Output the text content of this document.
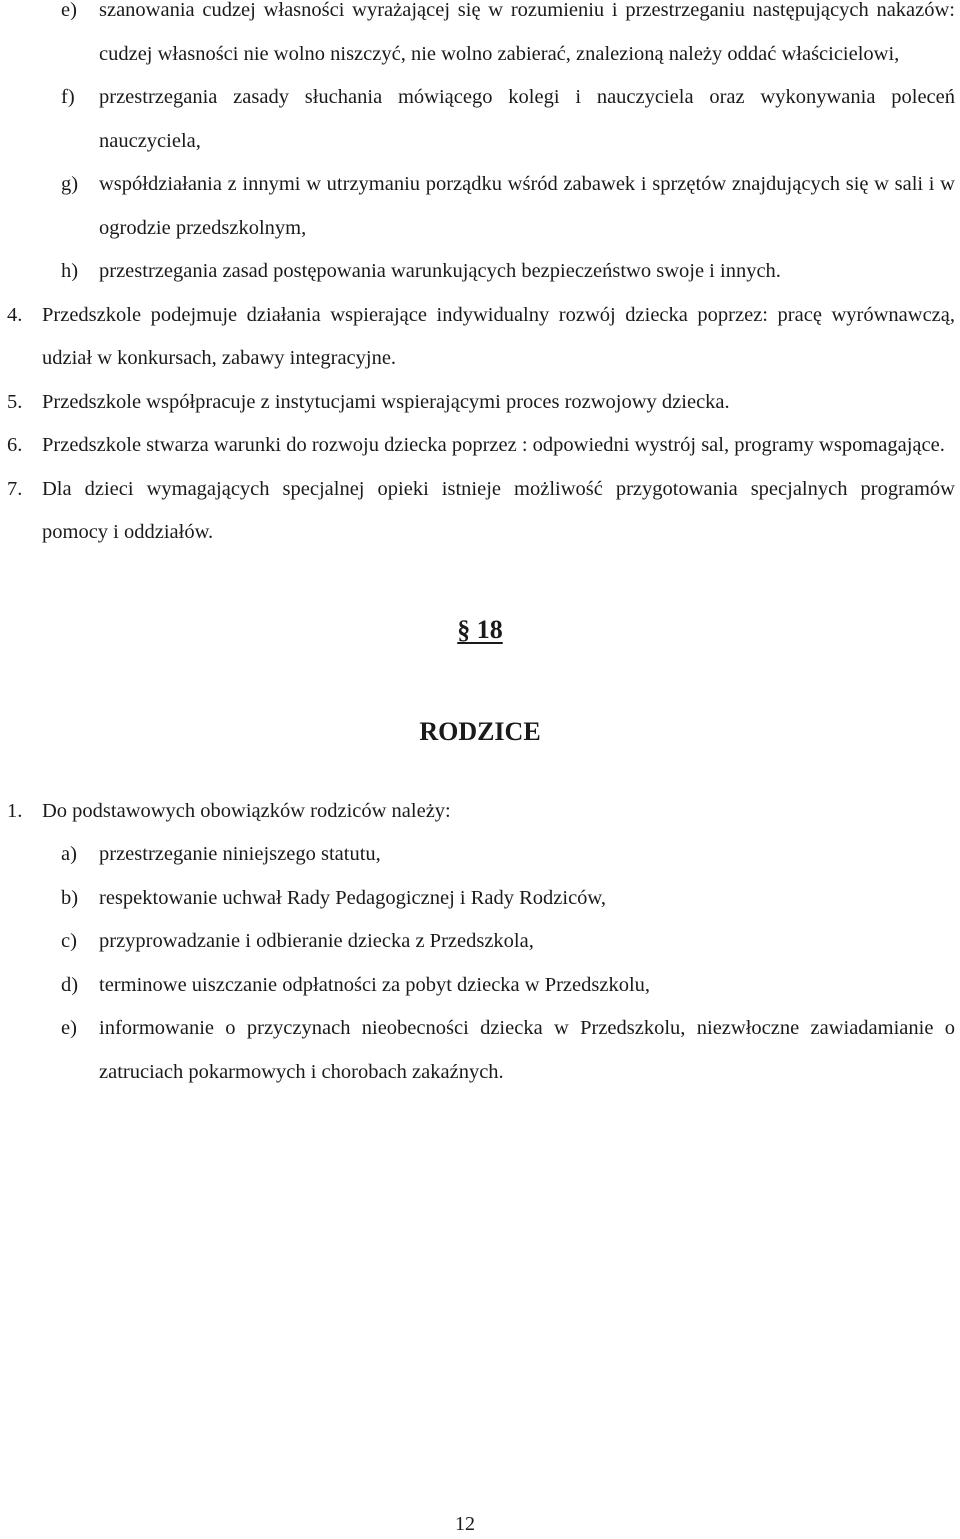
e)	szanowania cudzej własności wyrażającej się w rozumieniu i przestrzeganiu następujących nakazów: cudzej własności nie wolno niszczyć, nie wolno zabierać, znalezioną należy oddać właścicielowi,
f)	przestrzegania zasady słuchania mówiącego kolegi i nauczyciela oraz wykonywania poleceń nauczyciela,
g)	współdziałania z innymi w utrzymaniu porządku wśród zabawek i sprzętów znajdujących się w sali i w ogrodzie przedszkolnym,
h)	przestrzegania zasad postępowania warunkujących bezpieczeństwo swoje i innych.
4. Przedszkole podejmuje działania wspierające indywidualny rozwój dziecka poprzez: pracę wyrównawczą, udział w konkursach, zabawy integracyjne.
5. Przedszkole współpracuje z instytucjami wspierającymi proces rozwojowy dziecka.
6. Przedszkole stwarza warunki do rozwoju dziecka poprzez : odpowiedni wystrój sal, programy wspomagające.
7. Dla dzieci wymagających specjalnej opieki istnieje możliwość przygotowania specjalnych programów pomocy i oddziałów.
§ 18
RODZICE
1. Do podstawowych obowiązków rodziców należy:
a)	przestrzeganie niniejszego statutu,
b)	respektowanie uchwał Rady Pedagogicznej i Rady Rodziców,
c)	przyprowadzanie i odbieranie dziecka z Przedszkola,
d)	terminowe uiszczanie odpłatności za pobyt dziecka w Przedszkolu,
e)	informowanie o przyczynach nieobecności dziecka w Przedszkolu, niezwłoczne zawiadamianie o zatruciach pokarmowych i chorobach zakaźnych.
12
